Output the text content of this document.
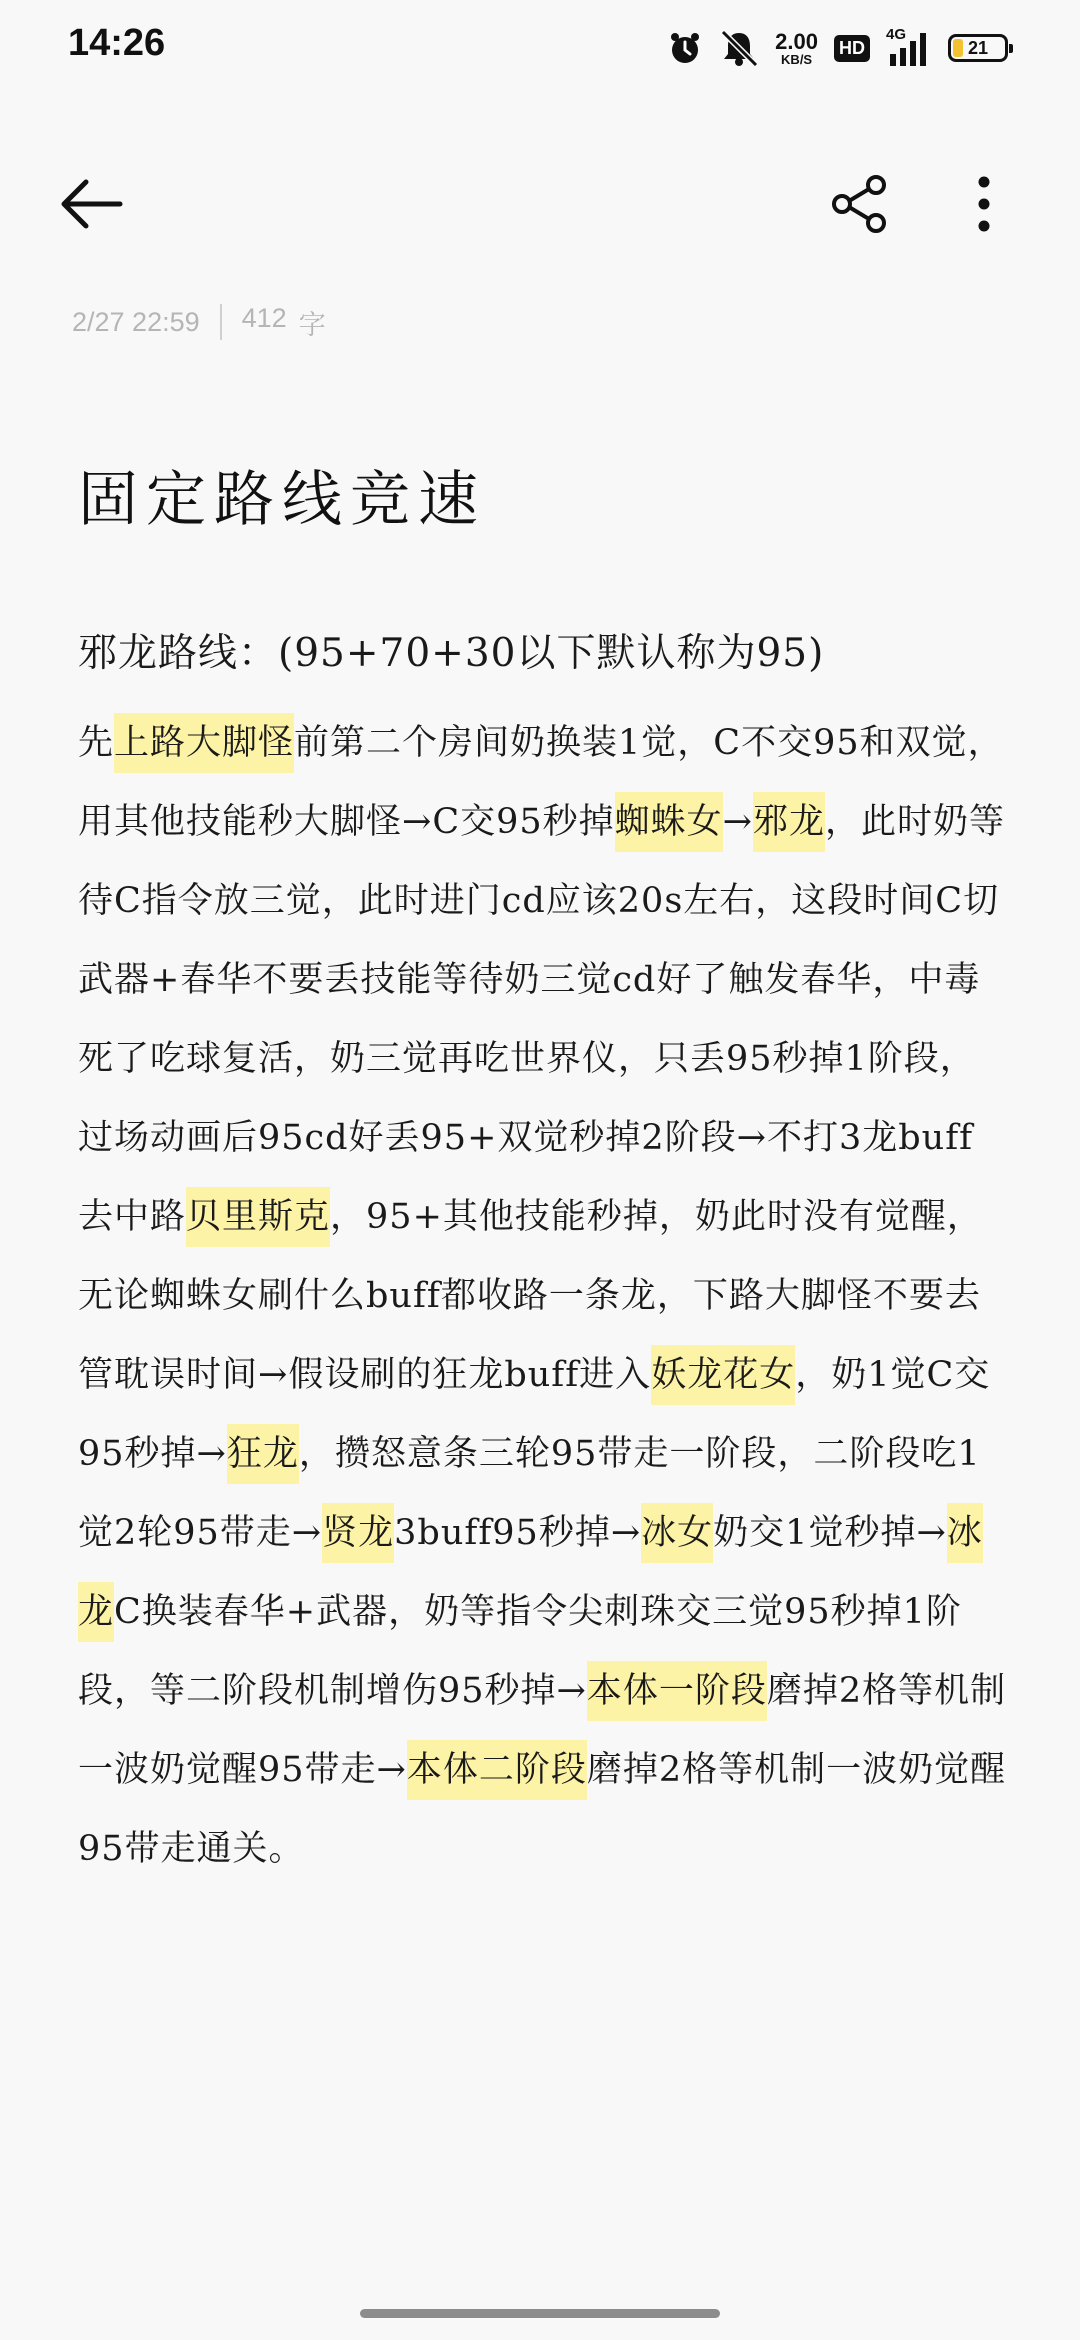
14:26	2.00
KB/S
HD
4G
21
2/27 22:59 412 字
固定路线竞速
邪龙路线：(95+70+30以下默认称为95)
先上路大脚怪前第二个房间奶换装1觉，C不交95和双觉，用其他技能秒大脚怪→C交95秒掉蜘蛛女→邪龙，此时奶等待C指令放三觉，此时进门cd应该20s左右，这段时间C切武器+春华不要丢技能等待奶三觉cd好了触发春华，中毒死了吃球复活，奶三觉再吃世界仪，只丢95秒掉1阶段，过场动画后95cd好丢95+双觉秒掉2阶段→不打3龙buff去中路贝里斯克，95+其他技能秒掉，奶此时没有觉醒，无论蜘蛛女刷什么buff都收路一条龙，下路大脚怪不要去管耽误时间→假设刷的狂龙buff进入妖龙花女，奶1觉C交95秒掉→狂龙，攒怒意条三轮95带走一阶段，二阶段吃1觉2轮95带走→贤龙3buff95秒掉→冰女奶交1觉秒掉→冰龙C换装春华+武器，奶等指令尖刺珠交三觉95秒掉1阶段，等二阶段机制增伤95秒掉→本体一阶段磨掉2格等机制一波奶觉醒95带走→本体二阶段磨掉2格等机制一波奶觉醒95带走通关。
